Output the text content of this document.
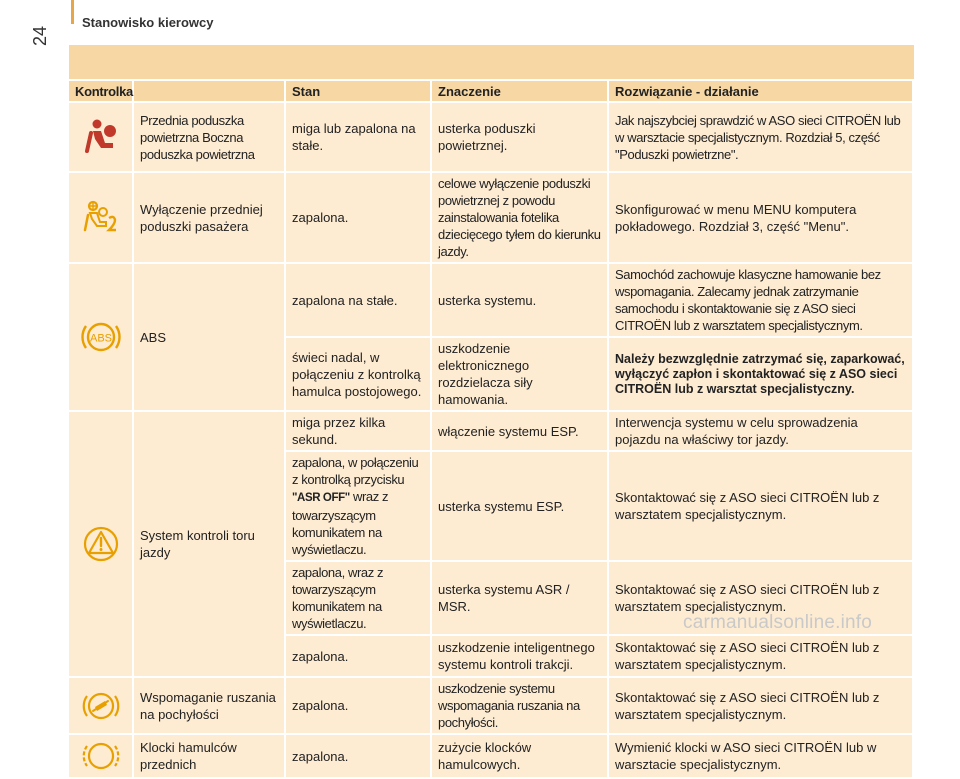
24
Stanowisko kierowcy
Kontrolka		Stan	Znaczenie	Rozwiązanie - działanie

	Przednia poduszka powietrzna Boczna poduszka powietrzna	miga lub zapalona na stałe.	usterka poduszki powietrznej.	Jak najszybciej sprawdzić w ASO sieci CITROËN lub w warsztacie specjalistycznym. Rozdział 5, część "Poduszki powietrzne".

	Wyłączenie przedniej poduszki pasażera	zapalona.	celowe wyłączenie poduszki powietrznej z powodu zainstalowania fotelika dziecięcego tyłem do kierunku jazdy.	Skonfigurować w menu MENU komputera pokładowego. Rozdział 3, część "Menu".

ABS	ABS	zapalona na stałe.	usterka systemu.	Samochód zachowuje klasyczne hamowanie bez wspomagania. Zalecamy jednak zatrzymanie samochodu i skontaktowanie się z ASO sieci CITROËN lub z warsztatem specjalistycznym.
		świeci nadal, w połączeniu z kontrolką hamulca postojowego.	uszkodzenie elektronicznego rozdzielacza siły hamowania.	Należy bezwzględnie zatrzymać się, zaparkować, wyłączyć zapłon i skontaktować się z ASO sieci CITROËN lub z warsztat specjalistyczny.

	System kontroli toru jazdy	miga przez kilka sekund.	włączenie systemu ESP.	Interwencja systemu w celu sprowadzenia pojazdu na właściwy tor jazdy.
		zapalona, w połączeniu z kontrolką przycisku "ASR OFF" wraz z towarzyszącym komunikatem na wyświetlaczu.	usterka systemu ESP.	Skontaktować się z ASO sieci CITROËN lub z warsztatem specjalistycznym.
		zapalona, wraz z towarzyszącym komunikatem na wyświetlaczu.	usterka systemu ASR / MSR.	Skontaktować się z ASO sieci CITROËN lub z warsztatem specjalistycznym.
		zapalona.	uszkodzenie inteligentnego systemu kontroli trakcji.	Skontaktować się z ASO sieci CITROËN lub z warsztatem specjalistycznym.

	Wspomaganie ruszania na pochyłości	zapalona.	uszkodzenie systemu wspomagania ruszania na pochyłości.	Skontaktować się z ASO sieci CITROËN lub z warsztatem specjalistycznym.

	Klocki hamulców przednich	zapalona.	zużycie klocków hamulcowych.	Wymienić klocki w ASO sieci CITROËN lub w warsztacie specjalistycznym.
carmanualsonline.info
